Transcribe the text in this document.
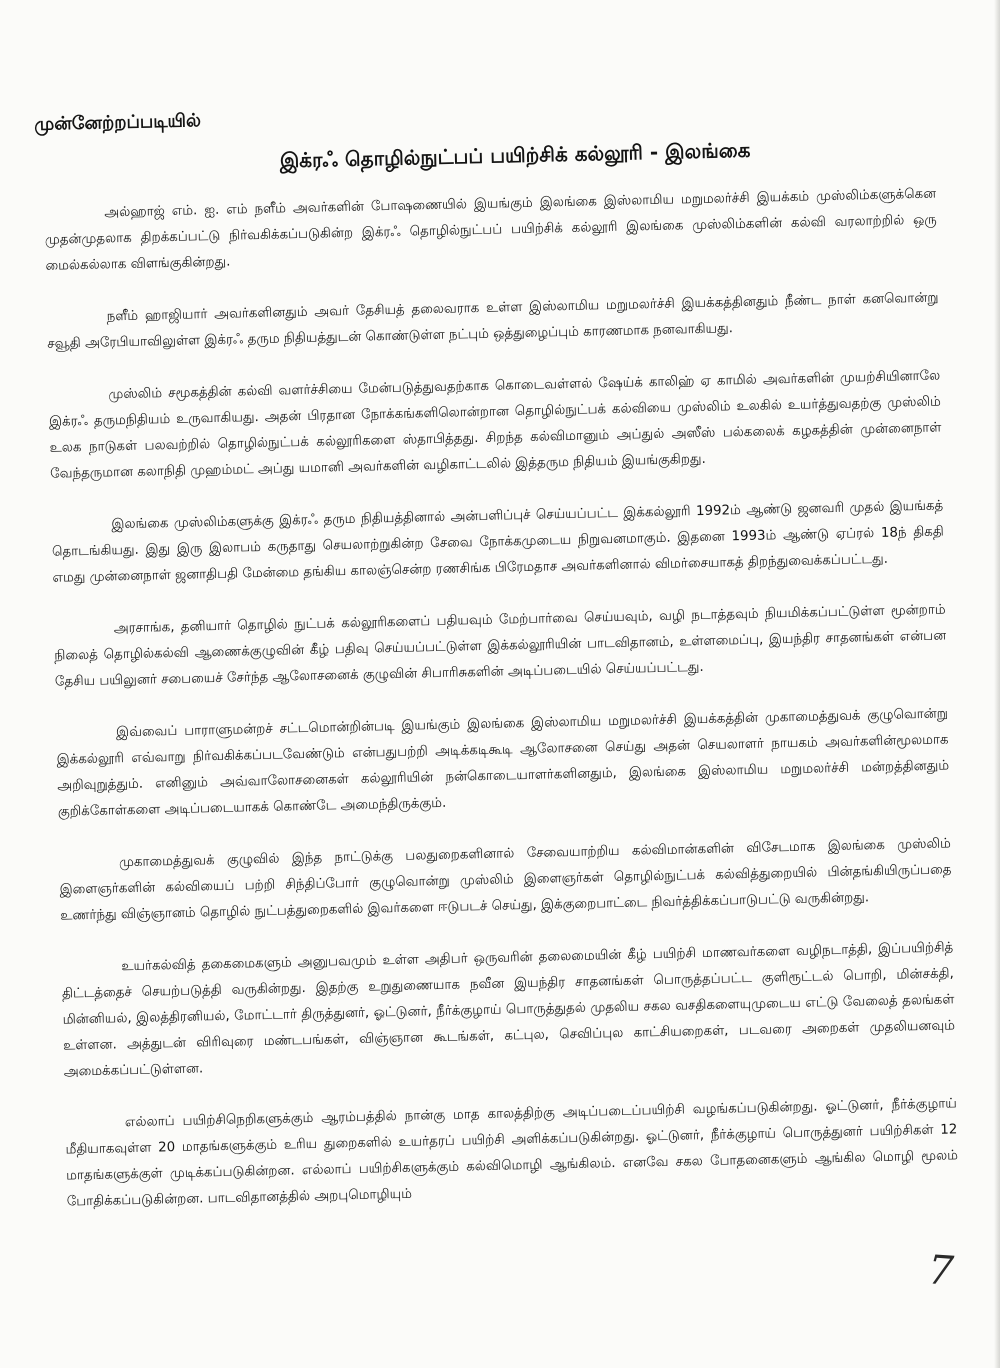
முன்னேற்றப்படியில்
இக்ரஃ தொழில்நுட்பப் பயிற்சிக் கல்லூரி - இலங்கை

அல்ஹாஜ் எம். ஐ. எம் நளீம் அவர்களின் போஷணையில் இயங்கும் இலங்கை இஸ்லாமிய மறுமலர்ச்சி இயக்கம் முஸ்லிம்களுக்கென முதன்முதலாக திறக்கப்பட்டு நிர்வகிக்கப்படுகின்ற இக்ரஃ தொழில்நுட்பப் பயிற்சிக் கல்லூரி இலங்கை முஸ்லிம்களின் கல்வி வரலாற்றில் ஒரு மைல்கல்லாக விளங்குகின்றது.

நளீம் ஹாஜியார் அவர்களினதும் அவர் தேசியத் தலைவராக உள்ள இஸ்லாமிய மறுமலர்ச்சி இயக்கத்தினதும் நீண்ட நாள் கனவொன்று சவூதி அரேபியாவிலுள்ள இக்ரஃ தரும நிதியத்துடன் கொண்டுள்ள நட்பும் ஒத்துழைப்பும் காரணமாக நனவாகியது.

முஸ்லிம் சமூகத்தின் கல்வி வளர்ச்சியை மேன்படுத்துவதற்காக கொடைவள்ளல் ஷேய்க் காலிஹ் ஏ காமில் அவர்களின் முயற்சியினாலே இக்ரஃ தருமநிதியம் உருவாகியது. அதன் பிரதான நோக்கங்களிலொன்றான தொழில்நுட்பக் கல்வியை முஸ்லிம் உலகில் உயர்த்துவதற்கு முஸ்லிம் உலக நாடுகள் பலவற்றில் தொழில்நுட்பக் கல்லூரிகளை ஸ்தாபித்தது. சிறந்த கல்விமானும் அப்துல் அஸீஸ் பல்கலைக் கழகத்தின் முன்னைநாள் வேந்தருமான கலாநிதி முஹம்மட் அப்து யமானி அவர்களின் வழிகாட்டலில் இத்தரும நிதியம் இயங்குகிறது.

இலங்கை முஸ்லிம்களுக்கு இக்ரஃ தரும நிதியத்தினால் அன்பளிப்புச் செய்யப்பட்ட இக்கல்லூரி 1992ம் ஆண்டு ஜனவரி முதல் இயங்கத் தொடங்கியது. இது இரு இலாபம் கருதாது செயலாற்றுகின்ற சேவை நோக்கமுடைய நிறுவனமாகும். இதனை 1993ம் ஆண்டு ஏப்ரல் 18ந் திகதி எமது முன்னைநாள் ஜனாதிபதி மேன்மை தங்கிய காலஞ்சென்ற ரணசிங்க பிரேமதாச அவர்களினால் விமர்சையாகத் திறந்துவைக்கப்பட்டது.

அரசாங்க, தனியார் தொழில் நுட்பக் கல்லூரிகளைப் பதியவும் மேற்பார்வை செய்யவும், வழி நடாத்தவும் நியமிக்கப்பட்டுள்ள மூன்றாம் நிலைத் தொழில்கல்வி ஆணைக்குழுவின் கீழ் பதிவு செய்யப்பட்டுள்ள இக்கல்லூரியின் பாடவிதானம், உள்ளமைப்பு, இயந்திர சாதனங்கள் என்பன தேசிய பயிலுனர் சபையைச் சேர்ந்த ஆலோசனைக் குழுவின் சிபாரிசுகளின் அடிப்படையில் செய்யப்பட்டது.

இவ்வைப் பாராளுமன்றச் சட்டமொன்றின்படி இயங்கும் இலங்கை இஸ்லாமிய மறுமலர்ச்சி இயக்கத்தின் முகாமைத்துவக் குழுவொன்று இக்கல்லூரி எவ்வாறு நிர்வகிக்கப்படவேண்டும் என்பதுபற்றி அடிக்கடிகூடி ஆலோசனை செய்து அதன் செயலாளர் நாயகம் அவர்களின்மூலமாக அறிவுறுத்தும். எனினும் அவ்வாலோசனைகள் கல்லூரியின் நன்கொடையாளர்களினதும், இலங்கை இஸ்லாமிய மறுமலர்ச்சி மன்றத்தினதும் குறிக்கோள்களை அடிப்படையாகக் கொண்டே அமைந்திருக்கும்.

முகாமைத்துவக் குழுவில் இந்த நாட்டுக்கு பலதுறைகளினால் சேவையாற்றிய கல்விமான்களின் விசேடமாக இலங்கை முஸ்லிம் இளைஞர்களின் கல்வியைப் பற்றி சிந்திப்போர் குழுவொன்று முஸ்லிம் இளைஞர்கள் தொழில்நுட்பக் கல்வித்துறையில் பின்தங்கியிருப்பதை உணர்ந்து விஞ்ஞானம் தொழில் நுட்பத்துறைகளில் இவர்களை ஈடுபடச் செய்து, இக்குறைபாட்டை நிவர்த்திக்கப்பாடுபட்டு வருகின்றது.

உயர்கல்வித் தகைமைகளும் அனுபவமும் உள்ள அதிபர் ஒருவரின் தலைமையின் கீழ் பயிற்சி மாணவர்களை வழிநடாத்தி, இப்பயிற்சித் திட்டத்தைச் செயற்படுத்தி வருகின்றது. இதற்கு உறுதுணையாக நவீன இயந்திர சாதனங்கள் பொருத்தப்பட்ட குளிரூட்டல் பொறி, மின்சக்தி, மின்னியல், இலத்திரனியல், மோட்டார் திருத்துனர், ஓட்டுனர், நீர்க்குழாய் பொருத்துதல் முதலிய சகல வசதிகளையுமுடைய எட்டு வேலைத் தலங்கள் உள்ளன. அத்துடன் விரிவுரை மண்டபங்கள், விஞ்ஞான கூடங்கள், கட்புல, செவிப்புல காட்சியறைகள், படவரை அறைகள் முதலியனவும் அமைக்கப்பட்டுள்ளன.

எல்லாப் பயிற்சிநெறிகளுக்கும் ஆரம்பத்தில் நான்கு மாத காலத்திற்கு அடிப்படைப்பயிற்சி வழங்கப்படுகின்றது. ஓட்டுனர், நீர்க்குழாய் மீதியாகவுள்ள 20 மாதங்களுக்கும் உரிய துறைகளில் உயர்தரப் பயிற்சி அளிக்கப்படுகின்றது. ஓட்டுனர், நீர்க்குழாய் பொருத்துனர் பயிற்சிகள் 12 மாதங்களுக்குள் முடிக்கப்படுகின்றன. எல்லாப் பயிற்சிகளுக்கும் கல்விமொழி ஆங்கிலம். எனவே சகல போதனைகளும் ஆங்கில மொழி மூலம் போதிக்கப்படுகின்றன. பாடவிதானத்தில் அறபுமொழியும்

7
